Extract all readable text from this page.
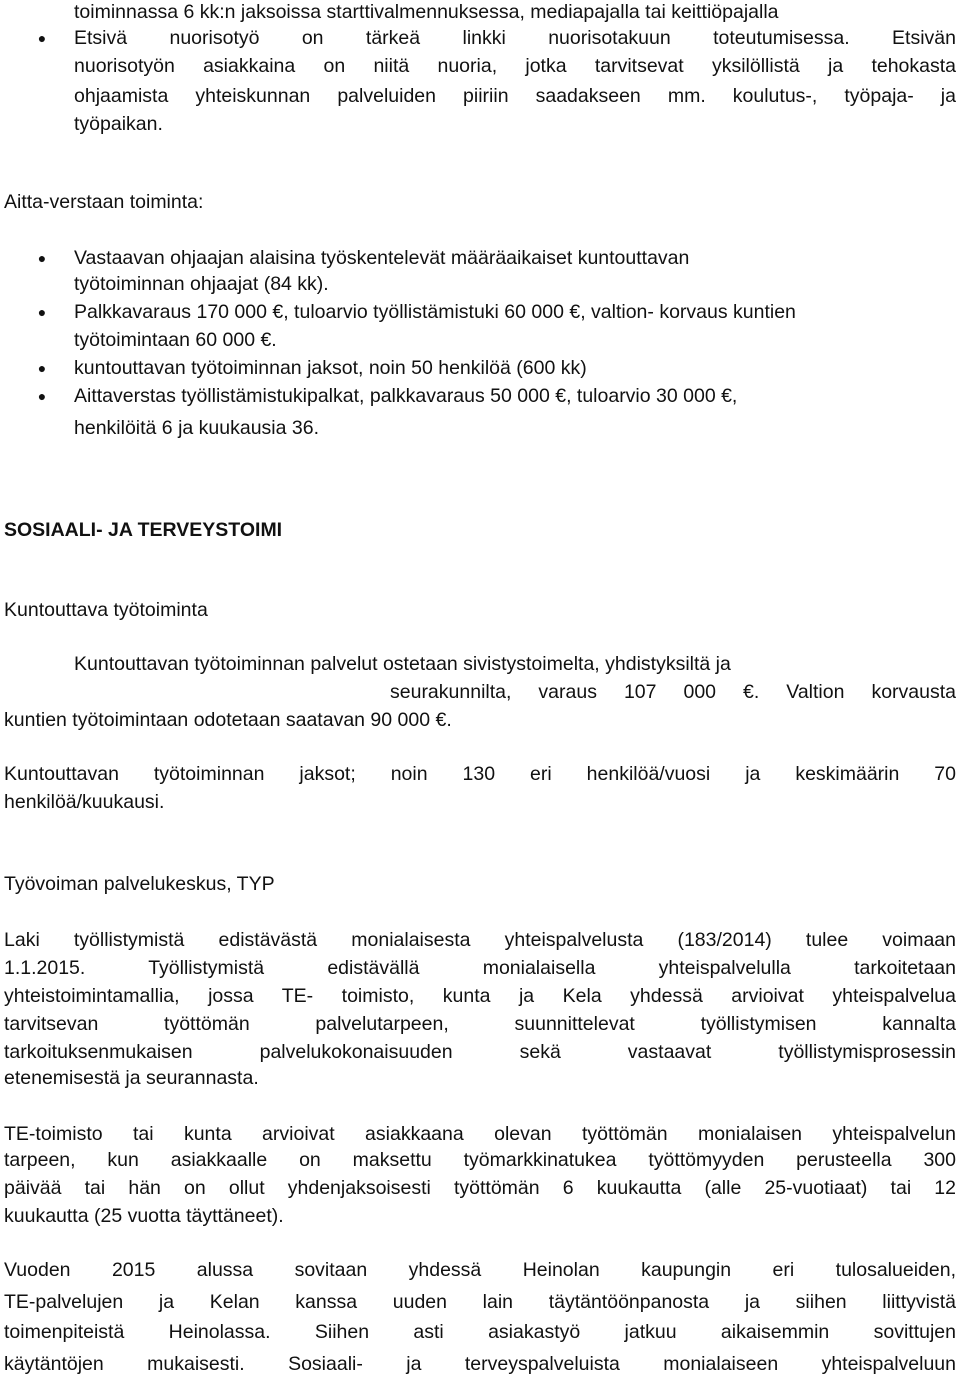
toiminnassa 6 kk:n jaksoissa starttivalmennuksessa, mediapajalla tai keittiöpajalla
● Etsivä nuorisotyö on tärkeä linkki nuorisotakuun toteutumisessa. Etsivän
nuorisotyön asiakkaina on niitä nuoria, jotka tarvitsevat yksilöllistä ja tehokasta
ohjaamista yhteiskunnan palveluiden piiriin saadakseen mm. koulutus-, työpaja- ja
työpaikan.
Aitta-verstaan toiminta:
● Vastaavan ohjaajan alaisina työskentelevät määräaikaiset kuntouttavan
työtoiminnan ohjaajat (84 kk).
● Palkkavaraus 170 000 €, tuloarvio työllistämistuki 60 000 €, valtion- korvaus kuntien
työtoimintaan 60 000 €.
● kuntouttavan työtoiminnan jaksot, noin 50 henkilöä (600 kk)
● Aittaverstas työllistämistukipalkat, palkkavaraus 50 000 €, tuloarvio 30 000 €,
henkilöitä 6 ja kuukausia 36.
SOSIAALI- JA TERVEYSTOIMI
Kuntouttava työtoiminta
Kuntouttavan työtoiminnan palvelut ostetaan sivistystoimelta, yhdistyksiltä ja
seurakunnilta, varaus 107 000 €. Valtion korvausta
kuntien työtoimintaan odotetaan saatavan 90 000 €.
Kuntouttavan työtoiminnan jaksot; noin 130 eri henkilöä/vuosi ja keskimäärin 70
henkilöä/kuukausi.
Työvoiman palvelukeskus, TYP
Laki työllistymistä edistävästä monialaisesta yhteispalvelusta (183/2014) tulee voimaan
1.1.2015. Työllistymistä edistävällä monialaisella yhteispalvelulla tarkoitetaan
yhteistoimintamallia, jossa TE- toimisto, kunta ja Kela yhdessä arvioivat yhteispalvelua
tarvitsevan työttömän palvelutarpeen, suunnittelevat työllistymisen kannalta
tarkoituksenmukaisen palvelukokonaisuuden sekä vastaavat työllistymisprosessin
etenemisestä ja seurannasta.
TE-toimisto tai kunta arvioivat asiakkaana olevan työttömän monialaisen yhteispalvelun
tarpeen, kun asiakkaalle on maksettu työmarkkinatukea työttömyyden perusteella 300
päivää tai hän on ollut yhdenjaksoisesti työttömän 6 kuukautta (alle 25-vuotiaat) tai 12
kuukautta (25 vuotta täyttäneet).
Vuoden 2015 alussa sovitaan yhdessä Heinolan kaupungin eri tulosalueiden,
TE-palvelujen ja Kelan kanssa uuden lain täytäntöönpanosta ja siihen liittyvistä
toimenpiteistä Heinolassa. Siihen asti asiakastyö jatkuu aikaisemmin sovittujen
käytäntöjen mukaisesti. Sosiaali- ja terveyspalveluista monialaiseen yhteispalveluun
